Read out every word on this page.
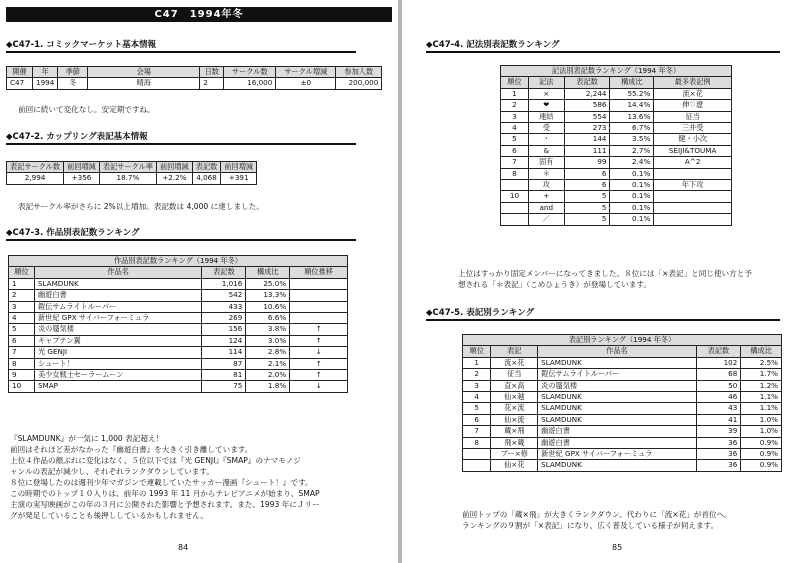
C47　1994年冬
◆C47-1. コミックマーケット基本情報
開催	年	季節	会場	日数	サークル数	サークル増減	参加人数
C47	1994	冬	晴海	2	16,000	±0	200,000

前回に続いて変化なし。安定期ですね。

◆C47-2. カップリング表記基本情報
表記サークル数	前回増減	表記サークル率	前回増減	表記数	前回増減
2,994	+356	18.7%	+2.2%	4,068	+391

表記サークル率がさらに 2%以上増加。表記数は 4,000 に達しました。

◆C47-3. 作品別表記数ランキング
作品別表記数ランキング（1994 年冬）				
順位	作品名	表記数	構成比	順位推移
1	SLAMDUNK	1,016	25.0%	
2	幽遊白書	542	13.3%	
3	鎧伝サムライトルーパー	433	10.6%	
4	新世紀 GPX サイバーフォーミュラ	269	6.6%	
5	炎の蜃気楼	156	3.8%	↑
6	キャプテン翼	124	3.0%	↑
7	光 GENJI	114	2.8%	↓
8	シュート！	87	2.1%	↑
9	美少女戦士セーラームーン	81	2.0%	↑
10	SMAP	75	1.8%	↓

『SLAMDUNK』が一気に 1,000 表記超え！

前回はそれほど差がなかった『幽遊白書』を大きく引き離しています。

上位４作品の顔ぶれに変化はなく、５位以下では『光 GENJI』『SMAP』のナマモノジ

ャンルの表記が減少し、それぞれランクダウンしています。

８位に登場したのは週刊少年マガジンで連載していたサッカー漫画『シュート！』です。

この時期でのトップ１０入りは、前年の 1993 年 11 月からテレビアニメが始まり、SMAP

主演の実写映画がこの年の３月に公開された影響と予想されます。また、1993 年にＪリー

グが発足していることも後押ししているかもしれません。

84
◆C47-4. 記法別表記数ランキング
記法別表記数ランキング（1994 年冬）				
順位	記法	表記数	構成比	最多表記例
1	×	2,244	55.2%	流×花
2	❤	586	14.4%	伸♡遼
3	連結	554	13.6%	征当
4	受	273	6.7%	三井受
5	・	144	3.5%	健・小次
6	&	111	2.7%	SEIJI&TOUMA
7	固有	99	2.4%	A^2
8	＊	6	0.1%	
	攻	6	0.1%	年下攻
10	+	5	0.1%	
	and	5	0.1%	
	／	5	0.1%	

上位はすっかり固定メンバーになってきました。８位には「×表記」と同じ使い方と予

想される「＊表記」（こめひょうき）が登場しています。

◆C47-5. 表記別ランキング
表記別ランキング（1994 年冬）				
順位	表記	作品名	表記数	構成比
1	流×花	SLAMDUNK	102	2.5%
2	征当	鎧伝サムライトルーパー	68	1.7%
3	直×高	炎の蜃気楼	50	1.2%
4	仙×越	SLAMDUNK	46	1.1%
5	花×流	SLAMDUNK	43	1.1%
6	仙×流	SLAMDUNK	41	1.0%
7	蔵×飛	幽遊白書	39	1.0%
8	飛×蔵	幽遊白書	36	0.9%
	ブー×修	新世紀 GPX サイバーフォーミュラ	36	0.9%
	仙×花	SLAMDUNK	36	0.9%

前回トップの「蔵×飛」が大きくランクダウン。代わりに「流×花」が首位へ。

ランキングの９割が「×表記」になり、広く普及している様子が伺えます。

85
